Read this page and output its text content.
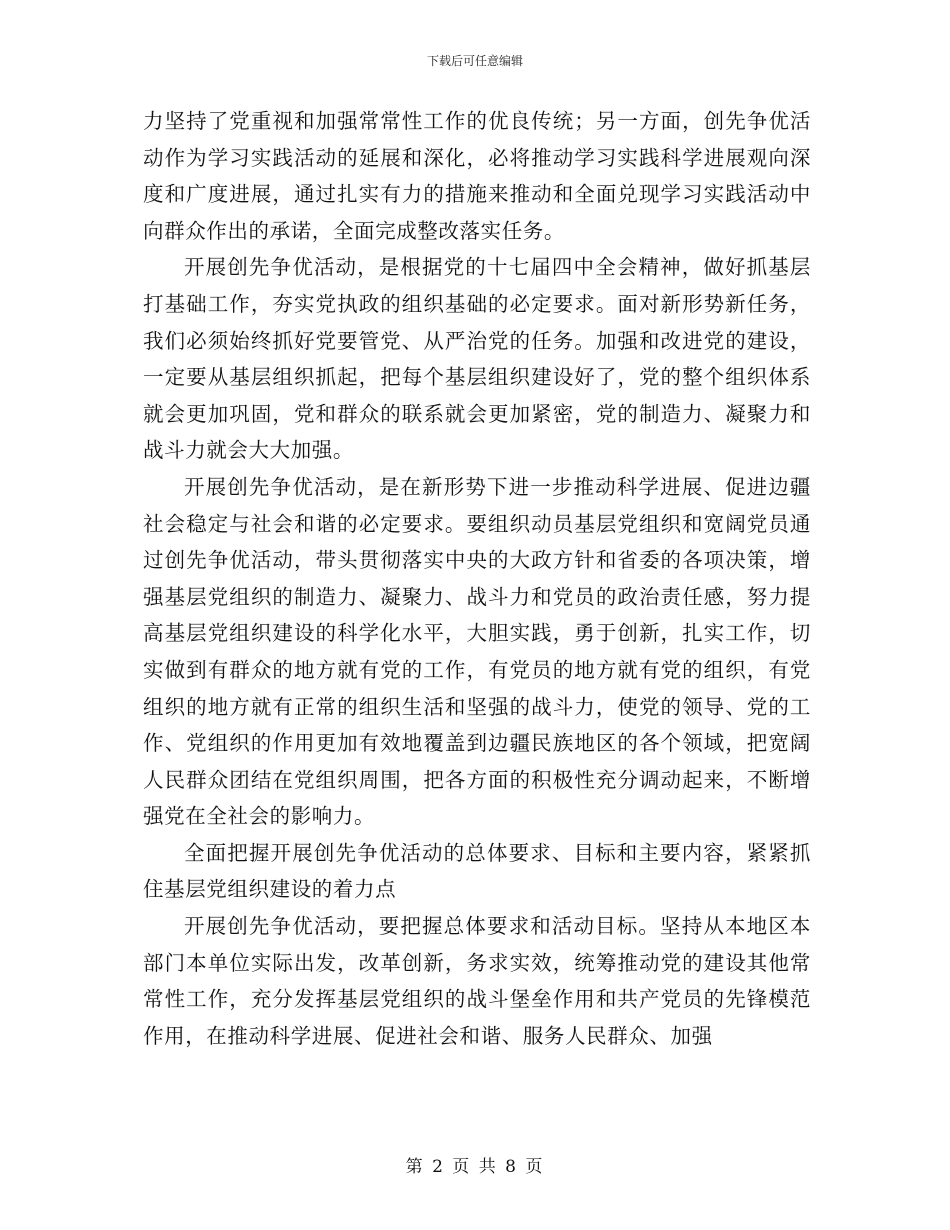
下载后可任意编辑

力坚持了党重视和加强常常性工作的优良传统；另一方面，创先争优活动作为学习实践活动的延展和深化，必将推动学习实践科学进展观向深度和广度进展，通过扎实有力的措施来推动和全面兑现学习实践活动中向群众作出的承诺，全面完成整改落实任务。

开展创先争优活动，是根据党的十七届四中全会精神，做好抓基层打基础工作，夯实党执政的组织基础的必定要求。面对新形势新任务，我们必须始终抓好党要管党、从严治党的任务。加强和改进党的建设，一定要从基层组织抓起，把每个基层组织建设好了，党的整个组织体系就会更加巩固，党和群众的联系就会更加紧密，党的制造力、凝聚力和战斗力就会大大加强。

开展创先争优活动，是在新形势下进一步推动科学进展、促进边疆社会稳定与社会和谐的必定要求。要组织动员基层党组织和宽阔党员通过创先争优活动，带头贯彻落实中央的大政方针和省委的各项决策，增强基层党组织的制造力、凝聚力、战斗力和党员的政治责任感，努力提高基层党组织建设的科学化水平，大胆实践，勇于创新，扎实工作，切实做到有群众的地方就有党的工作，有党员的地方就有党的组织，有党组织的地方就有正常的组织生活和坚强的战斗力，使党的领导、党的工作、党组织的作用更加有效地覆盖到边疆民族地区的各个领域，把宽阔人民群众团结在党组织周围，把各方面的积极性充分调动起来，不断增强党在全社会的影响力。

全面把握开展创先争优活动的总体要求、目标和主要内容，紧紧抓住基层党组织建设的着力点

开展创先争优活动，要把握总体要求和活动目标。坚持从本地区本部门本单位实际出发，改革创新，务求实效，统筹推动党的建设其他常常性工作，充分发挥基层党组织的战斗堡垒作用和共产党员的先锋模范作用，在推动科学进展、促进社会和谐、服务人民群众、加强

第 2 页 共 8 页
